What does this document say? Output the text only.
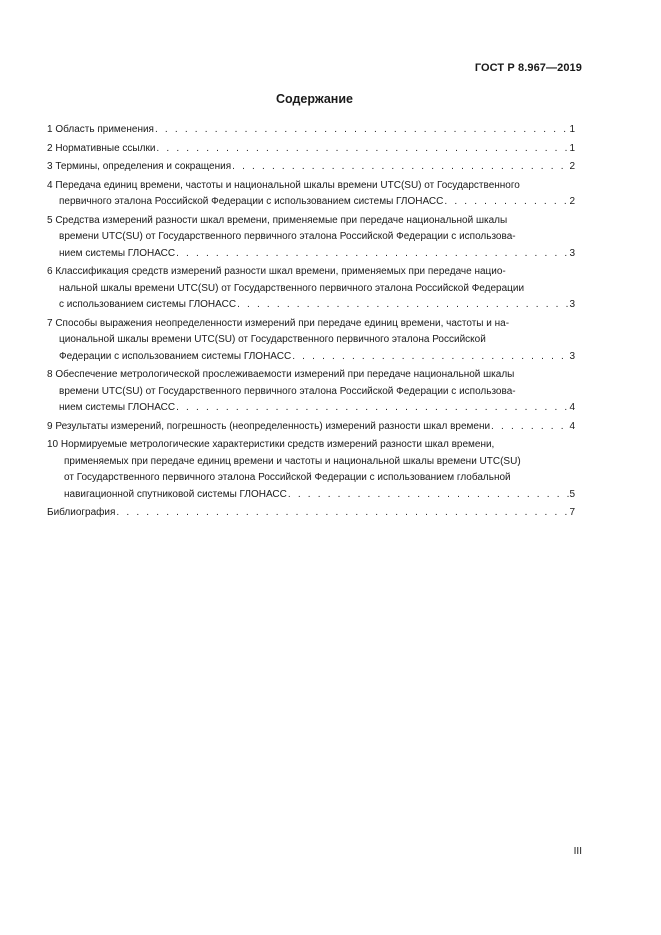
ГОСТ Р 8.967—2019
Содержание
1 Область применения . . .	1
2 Нормативные ссылки . . .	1
3 Термины, определения и сокращения . . .	2
4 Передача единиц времени, частоты и национальной шкалы времени UTC(SU) от Государственного
первичного эталона Российской Федерации с использованием системы ГЛОНАСС . . .	2
5 Средства измерений разности шкал времени, применяемые при передаче национальной шкалы
времени UTC(SU) от Государственного первичного эталона Российской Федерации с использова-
нием системы ГЛОНАСС . . .	3
6 Классификация средств измерений разности шкал времени, применяемых при передаче нацио-
нальной шкалы времени UTC(SU) от Государственного первичного эталона Российской Федерации
с использованием системы ГЛОНАСС . . .	3
7 Способы выражения неопределенности измерений при передаче единиц времени, частоты и на-
циональной шкалы времени UTC(SU) от Государственного первичного эталона Российской
Федерации с использованием системы ГЛОНАСС . . .	3
8 Обеспечение метрологической прослеживаемости измерений при передаче национальной шкалы
времени UTC(SU) от Государственного первичного эталона Российской Федерации с использова-
нием системы ГЛОНАСС . . .	4
9 Результаты измерений, погрешность (неопределенность) измерений разности шкал времени . . .	4
10 Нормируемые метрологические характеристики средств измерений разности шкал времени,
применяемых при передаче единиц времени и частоты и национальной шкалы времени UTC(SU)
от Государственного первичного эталона Российской Федерации с использованием глобальной
навигационной спутниковой системы ГЛОНАСС . . .	5
Библиография . . .	7
III
